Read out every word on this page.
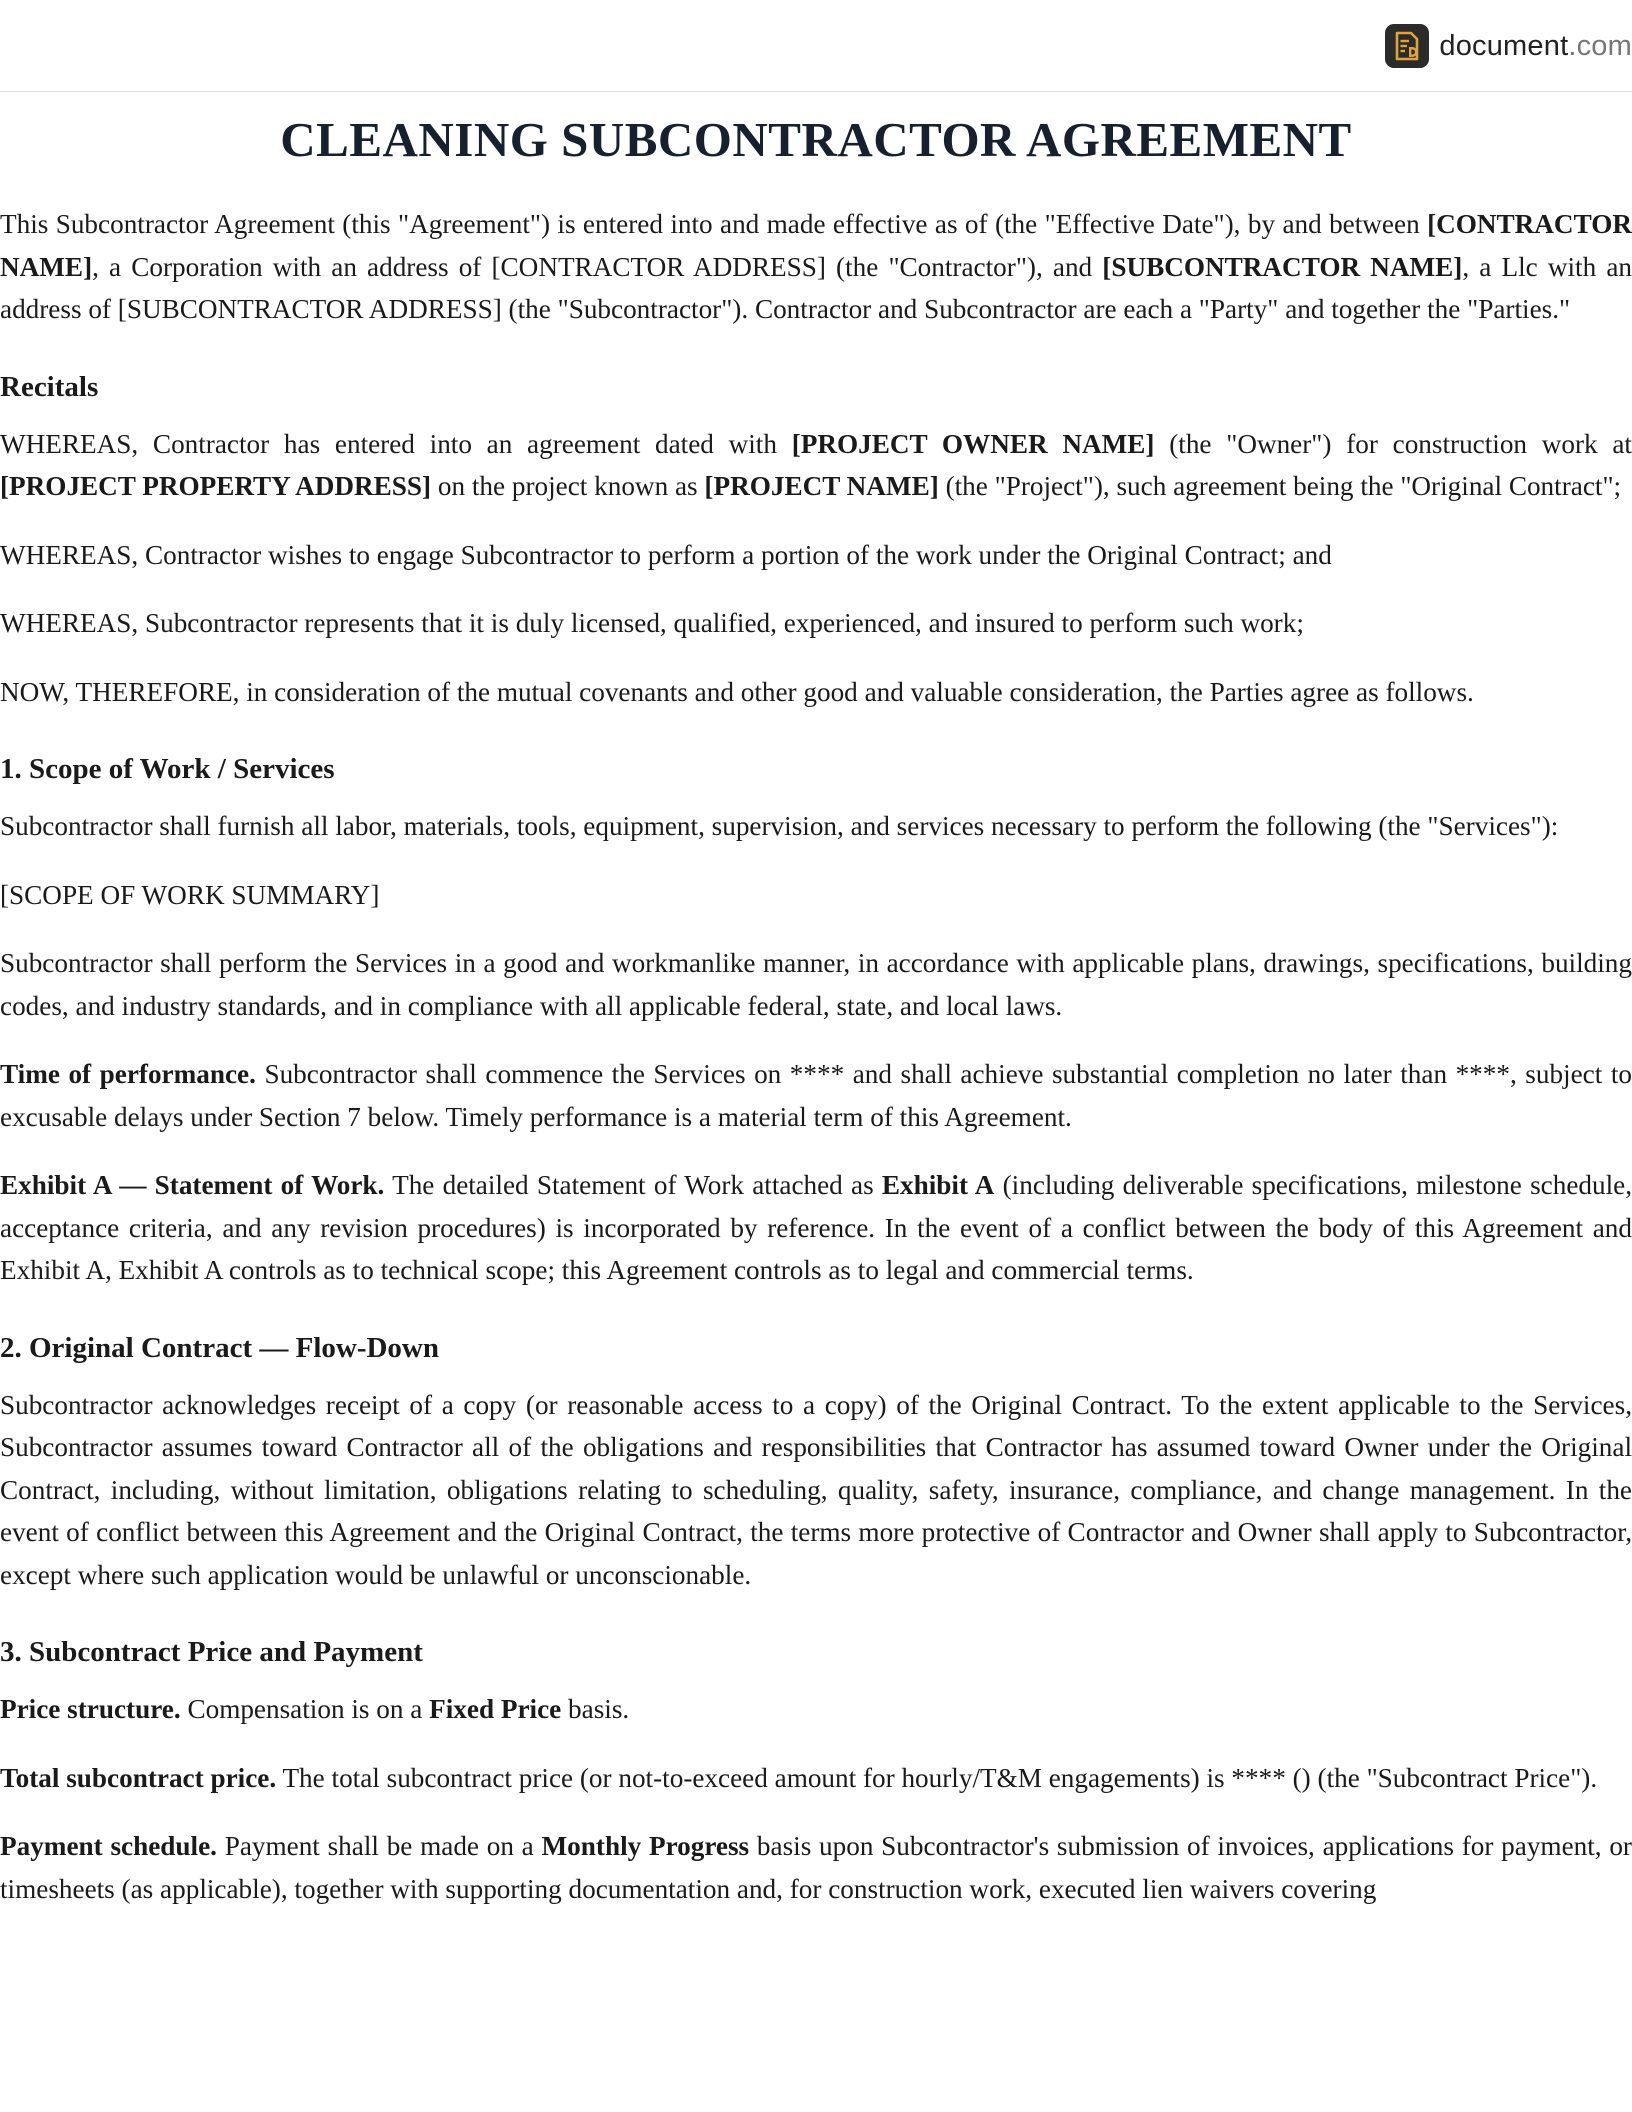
document.com
CLEANING SUBCONTRACTOR AGREEMENT

This Subcontractor Agreement (this "Agreement") is entered into and made effective as of (the "Effective Date"), by and between [CONTRACTOR NAME], a Corporation with an address of [CONTRACTOR ADDRESS] (the "Contractor"), and [SUBCONTRACTOR NAME], a Llc with an address of [SUBCONTRACTOR ADDRESS] (the "Subcontractor"). Contractor and Subcontractor are each a "Party" and together the "Parties."

Recitals

WHEREAS, Contractor has entered into an agreement dated with [PROJECT OWNER NAME] (the "Owner") for construction work at [PROJECT PROPERTY ADDRESS] on the project known as [PROJECT NAME] (the "Project"), such agreement being the "Original Contract";

WHEREAS, Contractor wishes to engage Subcontractor to perform a portion of the work under the Original Contract; and

WHEREAS, Subcontractor represents that it is duly licensed, qualified, experienced, and insured to perform such work;

NOW, THEREFORE, in consideration of the mutual covenants and other good and valuable consideration, the Parties agree as follows.

1. Scope of Work / Services

Subcontractor shall furnish all labor, materials, tools, equipment, supervision, and services necessary to perform the following (the "Services"):

[SCOPE OF WORK SUMMARY]

Subcontractor shall perform the Services in a good and workmanlike manner, in accordance with applicable plans, drawings, specifications, building codes, and industry standards, and in compliance with all applicable federal, state, and local laws.

Time of performance. Subcontractor shall commence the Services on **** and shall achieve substantial completion no later than ****, subject to excusable delays under Section 7 below. Timely performance is a material term of this Agreement.

Exhibit A — Statement of Work. The detailed Statement of Work attached as Exhibit A (including deliverable specifications, milestone schedule, acceptance criteria, and any revision procedures) is incorporated by reference. In the event of a conflict between the body of this Agreement and Exhibit A, Exhibit A controls as to technical scope; this Agreement controls as to legal and commercial terms.

2. Original Contract — Flow-Down

Subcontractor acknowledges receipt of a copy (or reasonable access to a copy) of the Original Contract. To the extent applicable to the Services, Subcontractor assumes toward Contractor all of the obligations and responsibilities that Contractor has assumed toward Owner under the Original Contract, including, without limitation, obligations relating to scheduling, quality, safety, insurance, compliance, and change management. In the event of conflict between this Agreement and the Original Contract, the terms more protective of Contractor and Owner shall apply to Subcontractor, except where such application would be unlawful or unconscionable.

3. Subcontract Price and Payment

Price structure. Compensation is on a Fixed Price basis.

Total subcontract price. The total subcontract price (or not-to-exceed amount for hourly/T&M engagements) is **** () (the "Subcontract Price").

Payment schedule. Payment shall be made on a Monthly Progress basis upon Subcontractor's submission of invoices, applications for payment, or timesheets (as applicable), together with supporting documentation and, for construction work, executed lien waivers covering
